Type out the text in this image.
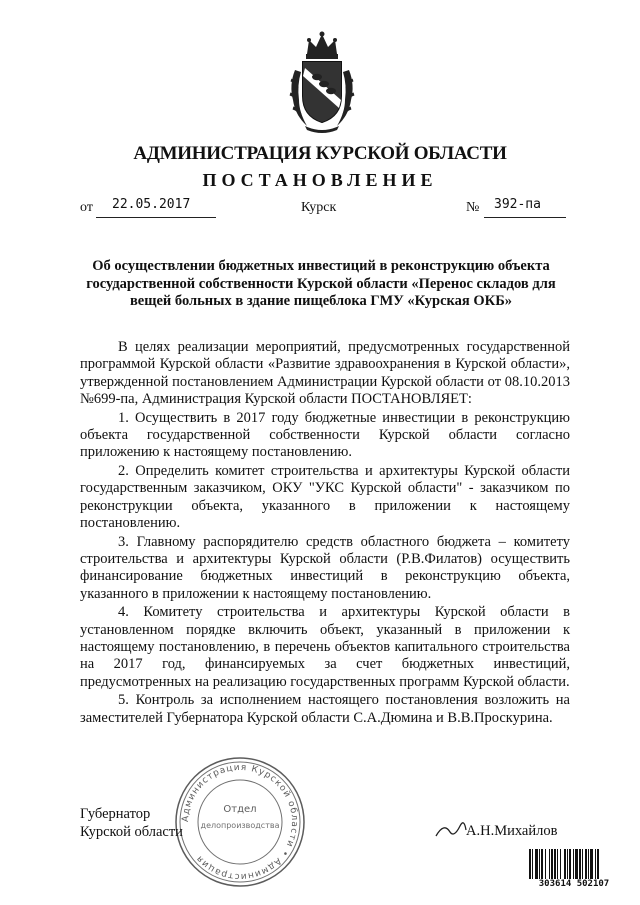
АДМИНИСТРАЦИЯ КУРСКОЙ ОБЛАСТИ
ПОСТАНОВЛЕНИЕ
от 22.05.2017	Курск	№ 392-па
Об осуществлении бюджетных инвестиций в реконструкцию объекта государственной собственности Курской области «Перенос складов для вещей больных в здание пищеблока ГМУ «Курская ОКБ»

В целях реализации мероприятий, предусмотренных государственной программой Курской области «Развитие здравоохранения в Курской области», утвержденной постановлением Администрации Курской области от 08.10.2013 №699-па, Администрация Курской области ПОСТАНОВЛЯЕТ:

1. Осуществить в 2017 году бюджетные инвестиции в реконструкцию объекта государственной собственности Курской области согласно приложению к настоящему постановлению.

2. Определить комитет строительства и архитектуры Курской области государственным заказчиком, ОКУ "УКС Курской области" - заказчиком по реконструкции объекта, указанного в приложении к настоящему постановлению.

3. Главному распорядителю средств областного бюджета – комитету строительства и архитектуры Курской области (Р.В.Филатов) осуществить финансирование бюджетных инвестиций в реконструкцию объекта, указанного в приложении к настоящему постановлению.

4. Комитету строительства и архитектуры Курской области в установленном порядке включить объект, указанный в приложении к настоящему постановлению, в перечень объектов капитального строительства на 2017 год, финансируемых за счет бюджетных инвестиций, предусмотренных на реализацию государственных программ Курской области.

5. Контроль за исполнением настоящего постановления возложить на заместителей Губернатора Курской области С.А.Дюмина и В.В.Проскурина.

Администрация Курской области • Администрация
Отдел
делопроизводства
Губернатор
Курской области	А.Н.Михайлов
303614 502107
